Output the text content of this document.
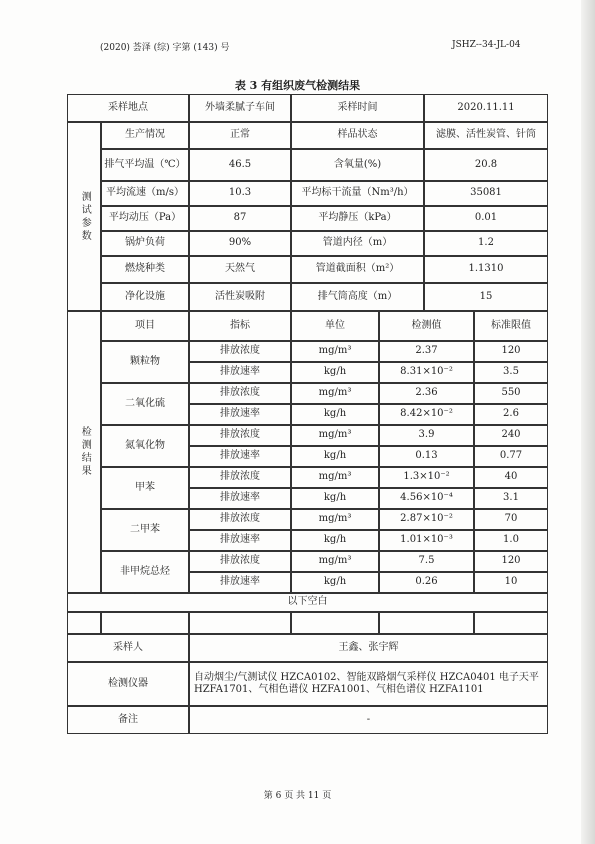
(2020) 荟泽 (综) 字第 (143) 号	JSHZ--34-JL-04
表 3 有组织废气检测结果
采样地点	外墙柔腻子车间	采样时间	2020.11.11
测试参数
生产情况	正常	样品状态	滤膜、活性炭管、针筒
排气平均温（℃）	46.5	含氧量(%)	20.8
平均流速（m/s）	10.3	平均标干流量（Nm³/h）	35081
平均动压（Pa）	87	平均静压（kPa）	0.01
锅炉负荷	90%	管道内径（m）	1.2
燃烧种类	天然气	管道截面积（m²）	1.1310
净化设施	活性炭吸附	排气筒高度（m）	15
检测结果
项目	指标	单位	检测值	标准限值
颗粒物
排放浓度	mg/m³	2.37	120
排放速率	kg/h	8.31×10⁻²	3.5
二氧化硫
排放浓度	mg/m³	2.36	550
排放速率	kg/h	8.42×10⁻²	2.6
氮氧化物
排放浓度	mg/m³	3.9	240
排放速率	kg/h	0.13	0.77
甲苯
排放浓度	mg/m³	1.3×10⁻²	40
排放速率	kg/h	4.56×10⁻⁴	3.1
二甲苯
排放浓度	mg/m³	2.87×10⁻²	70
排放速率	kg/h	1.01×10⁻³	1.0
非甲烷总烃
排放浓度	mg/m³	7.5	120
排放速率	kg/h	0.26	10
以下空白
采样人	王鑫、张宇辉
检测仪器
自动烟尘/气测试仪 HZCA0102、智能双路烟气采样仪 HZCA0401 电子天平 HZFA1701、气相色谱仪 HZFA1001、气相色谱仪 HZFA1101
备注	-
第 6 页 共 11 页
